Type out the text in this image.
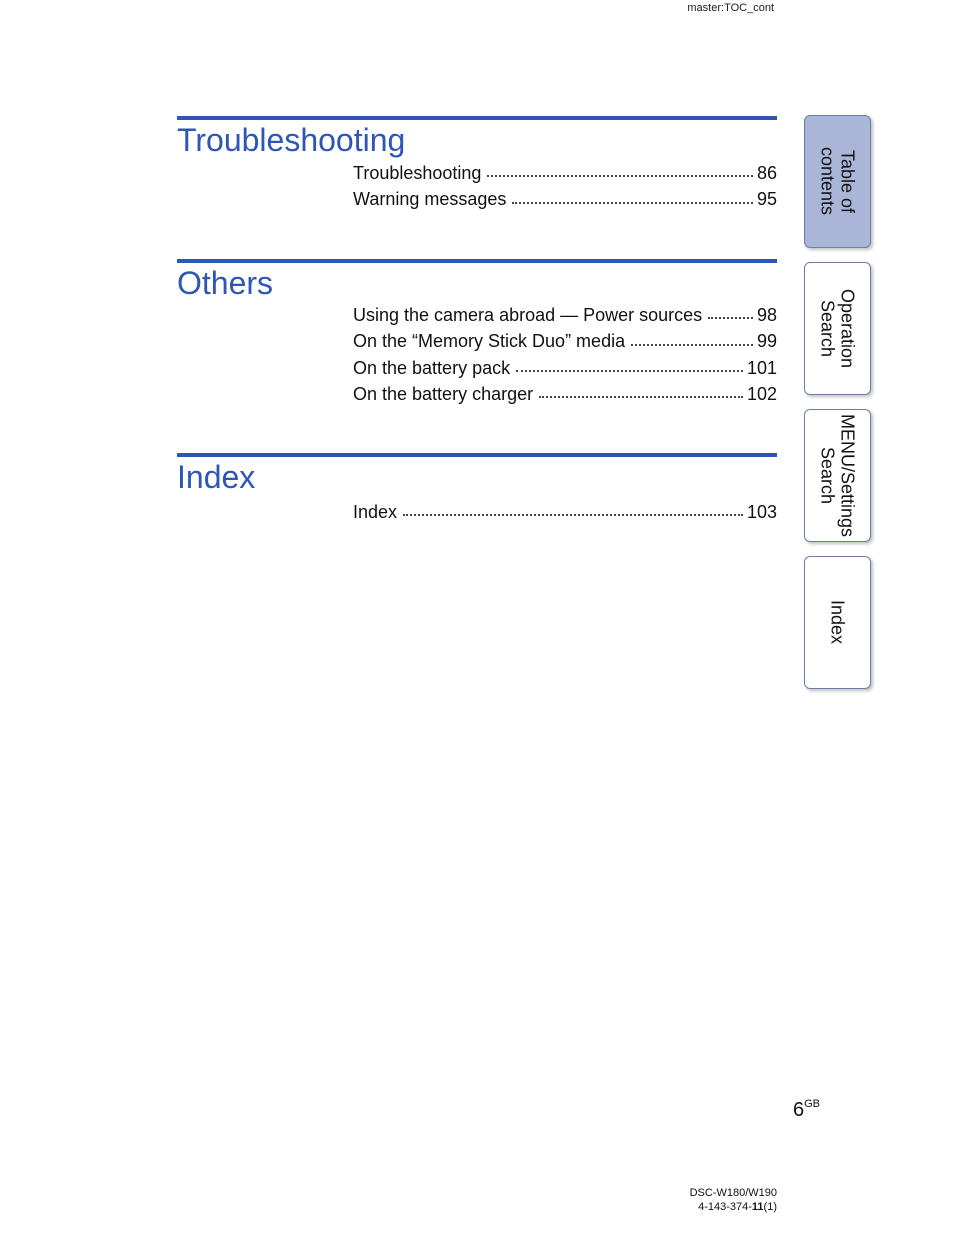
master:TOC_cont
Troubleshooting
Troubleshooting	86
Warning messages	95
Others
Using the camera abroad — Power sources	98
On the “Memory Stick Duo” media	99
On the battery pack	101
On the battery charger	102
Index
Index	103
Table of
contents
Operation
Search
MENU/Settings
Search
Index
$6^{GB}$
DSC-W180/W190
4-143-374-11(1)
